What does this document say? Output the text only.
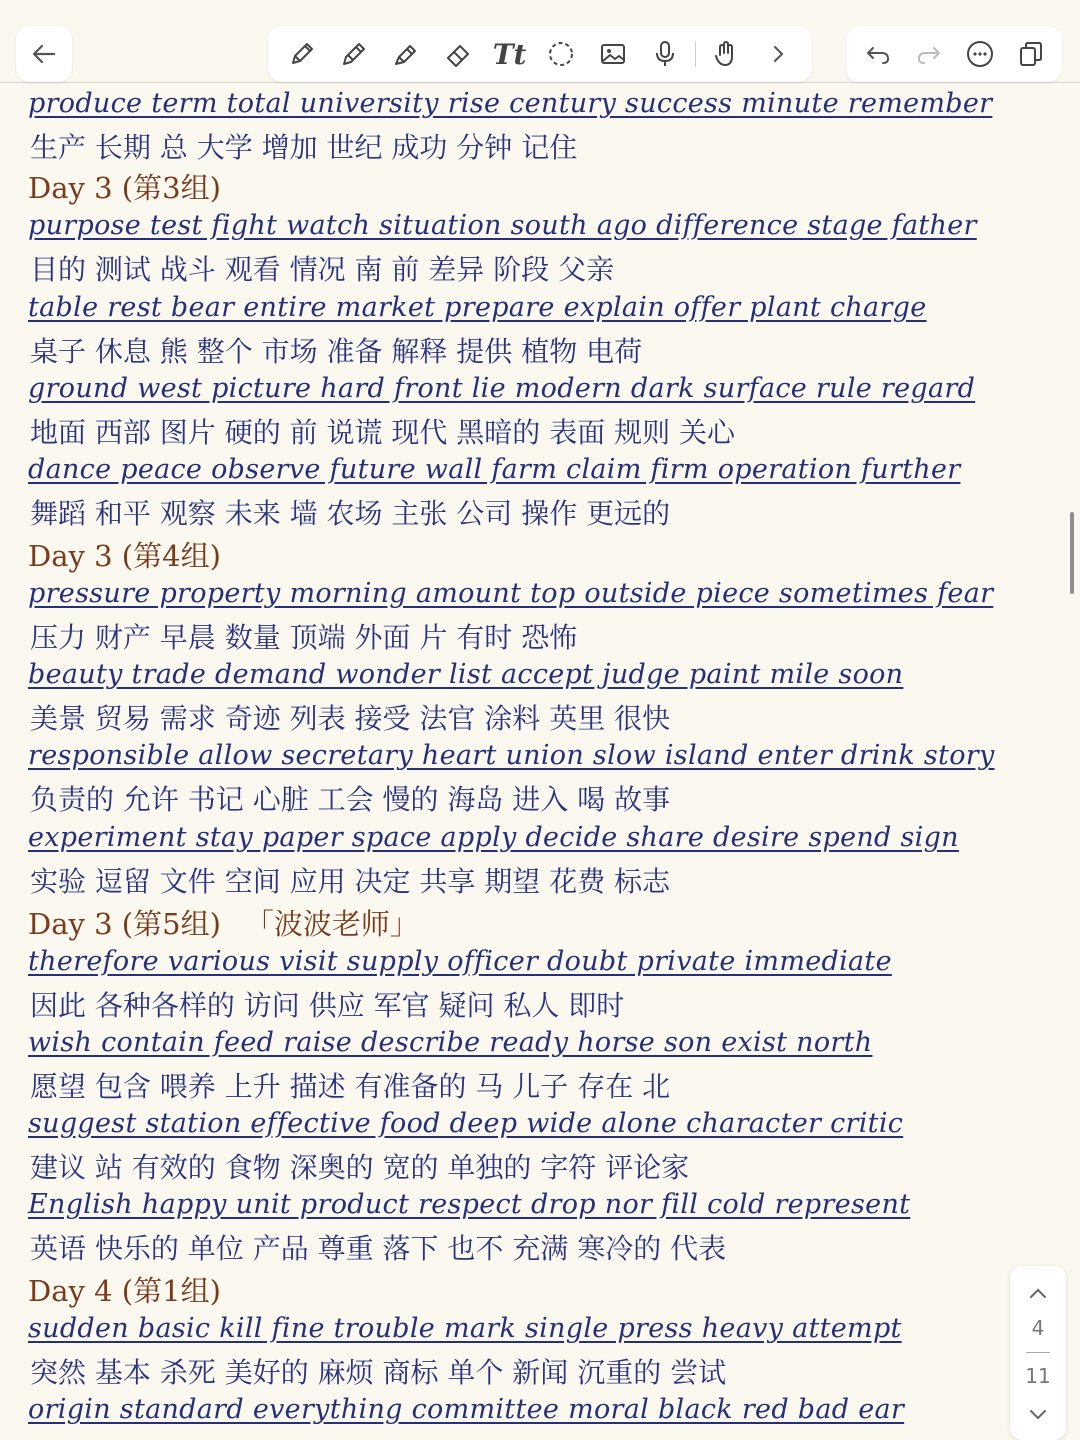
Tt
produce term total university rise century success minute remember
生产 长期 总 大学 增加 世纪 成功 分钟 记住
Day 3 (第3组)
purpose test fight watch situation south ago difference stage father
目的 测试 战斗 观看 情况 南 前 差异 阶段 父亲
table rest bear entire market prepare explain offer plant charge
桌子 休息 熊 整个 市场 准备 解释 提供 植物 电荷
ground west picture hard front lie modern dark surface rule regard
地面 西部 图片 硬的 前 说谎 现代 黑暗的 表面 规则 关心
dance peace observe future wall farm claim firm operation further
舞蹈 和平 观察 未来 墙 农场 主张 公司 操作 更远的
Day 3 (第4组)
pressure property morning amount top outside piece sometimes fear
压力 财产 早晨 数量 顶端 外面 片 有时 恐怖
beauty trade demand wonder list accept judge paint mile soon
美景 贸易 需求 奇迹 列表 接受 法官 涂料 英里 很快
responsible allow secretary heart union slow island enter drink story
负责的 允许 书记 心脏 工会 慢的 海岛 进入 喝 故事
experiment stay paper space apply decide share desire spend sign
实验 逗留 文件 空间 应用 决定 共享 期望 花费 标志
Day 3 (第5组) 「波波老师」
therefore various visit supply officer doubt private immediate
因此 各种各样的 访问 供应 军官 疑问 私人 即时
wish contain feed raise describe ready horse son exist north
愿望 包含 喂养 上升 描述 有准备的 马 儿子 存在 北
suggest station effective food deep wide alone character critic
建议 站 有效的 食物 深奥的 宽的 单独的 字符 评论家
English happy unit product respect drop nor fill cold represent
英语 快乐的 单位 产品 尊重 落下 也不 充满 寒冷的 代表
Day 4 (第1组)
sudden basic kill fine trouble mark single press heavy attempt
突然 基本 杀死 美好的 麻烦 商标 单个 新闻 沉重的 尝试
origin standard everything committee moral black red bad ear
4
11
